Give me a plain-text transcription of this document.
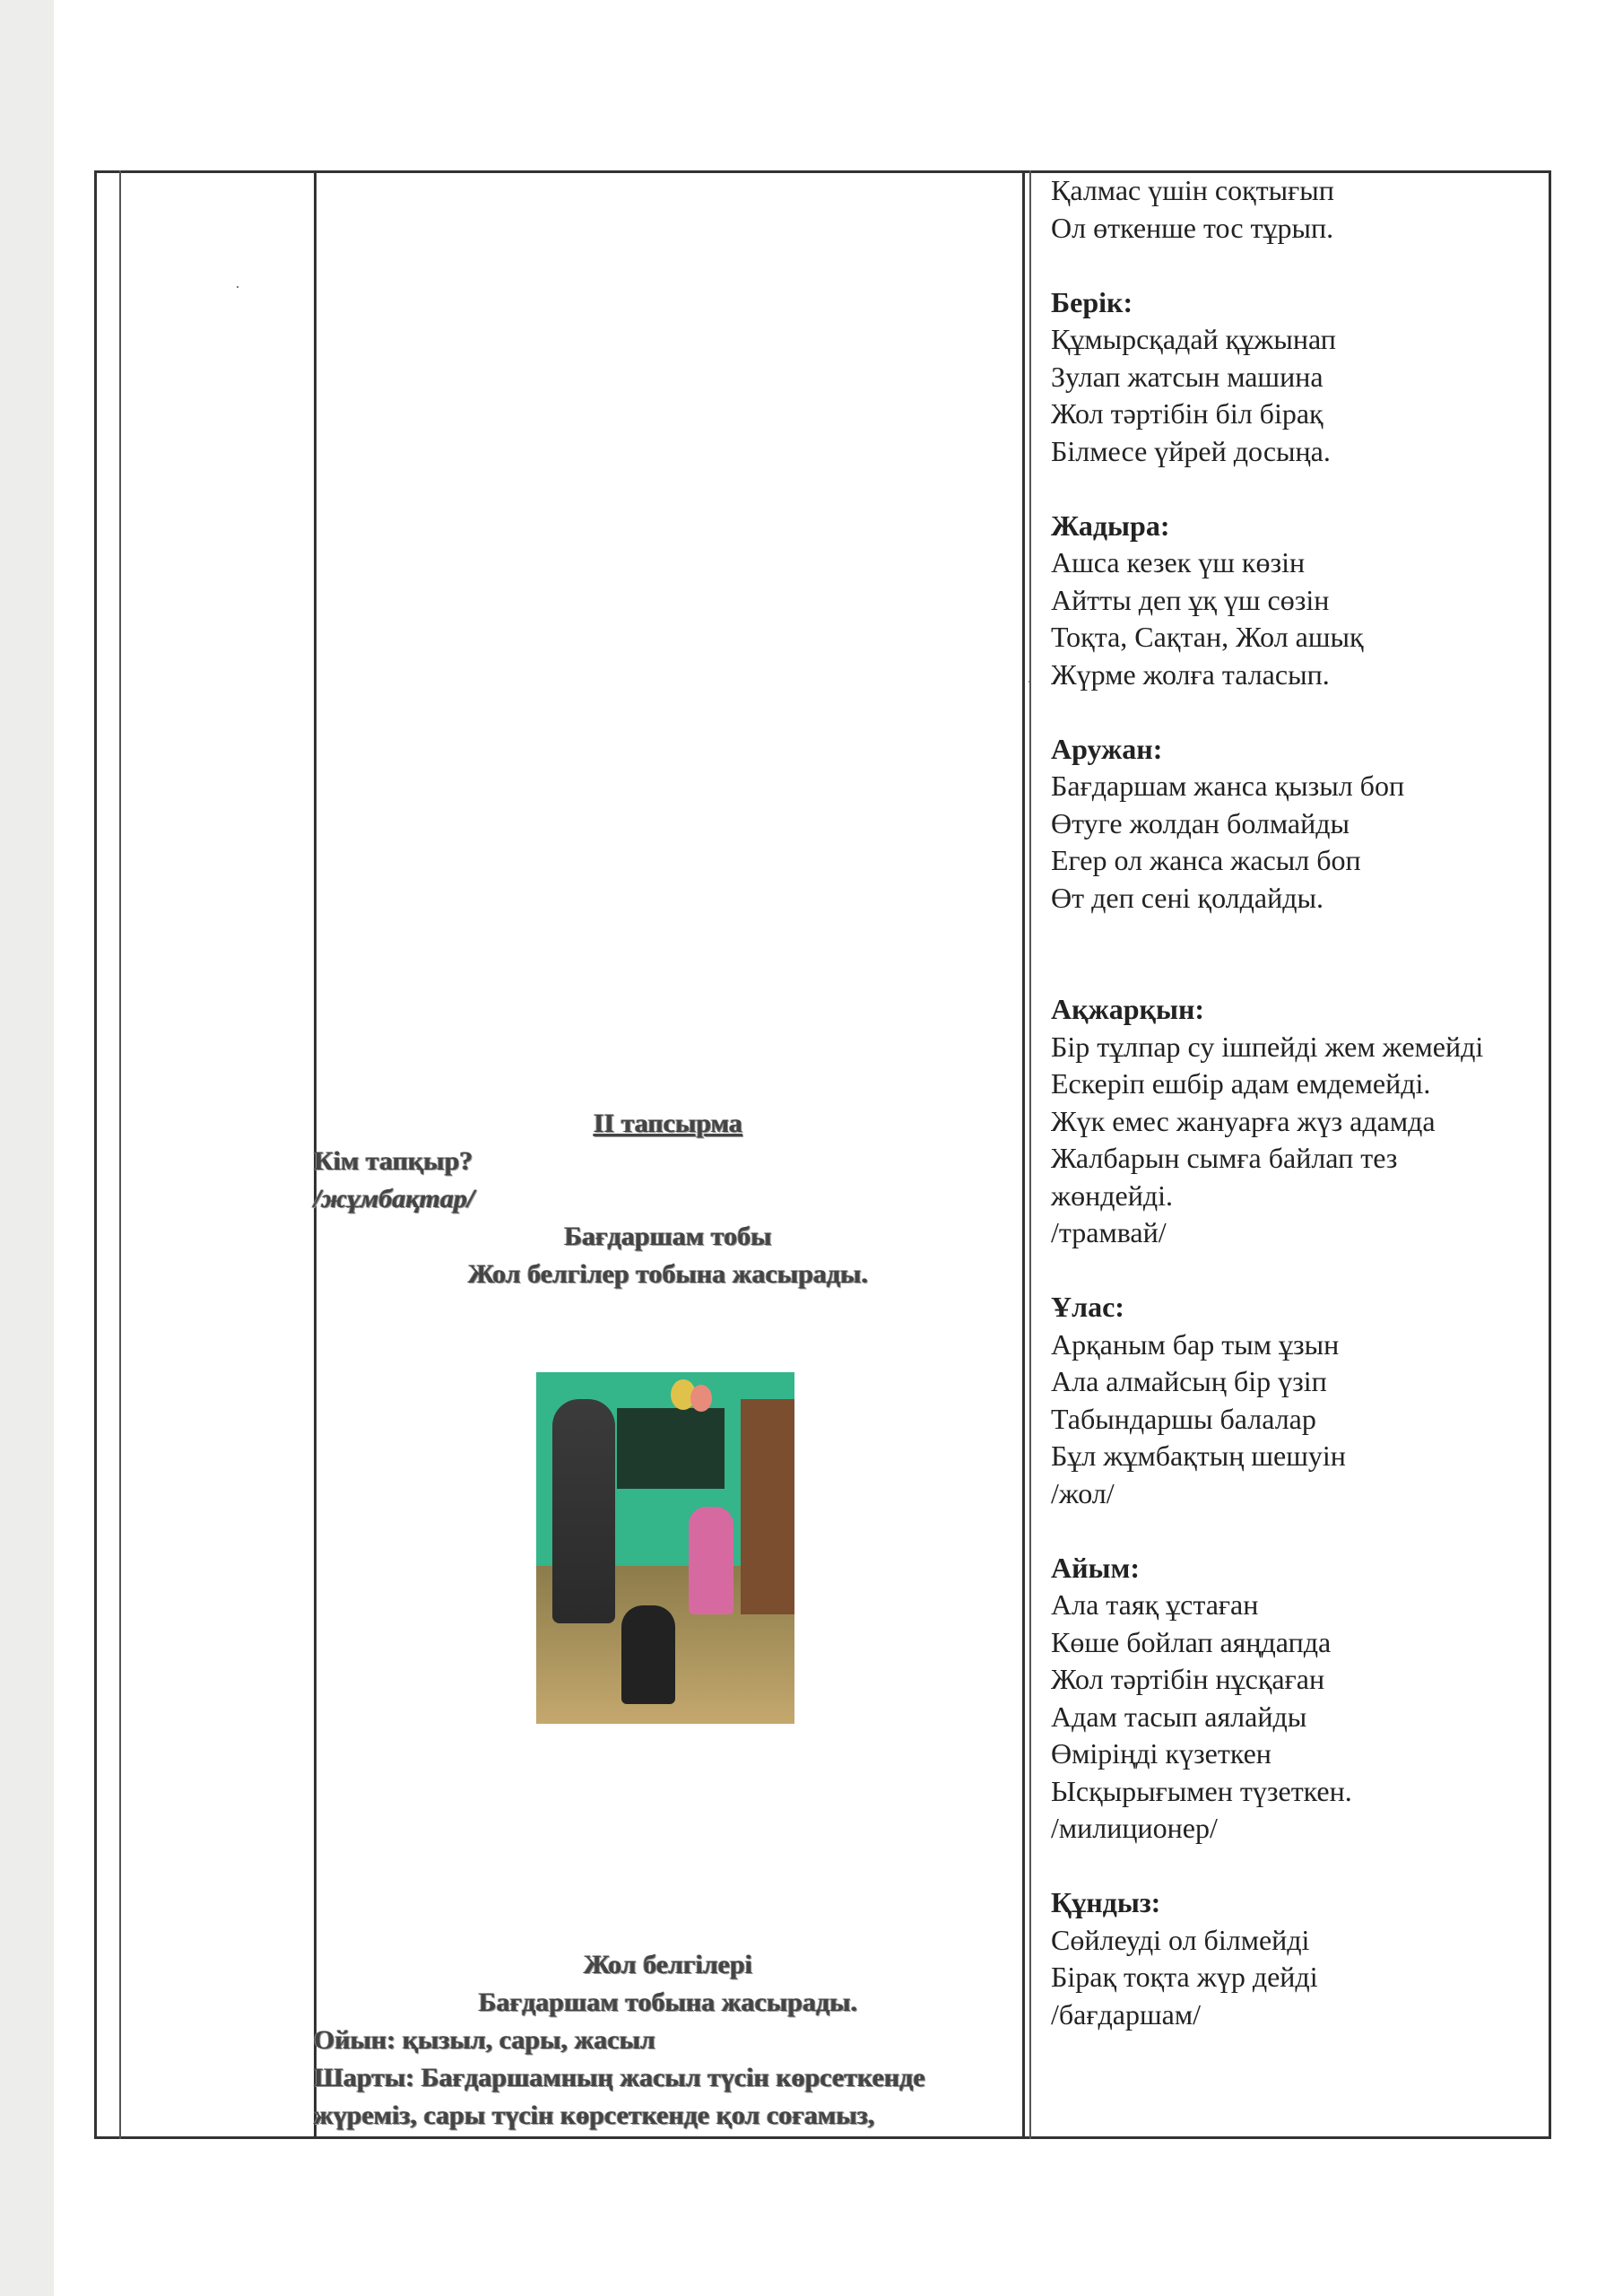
·
·
II тапсырма
Кім тапқыр?
/жұмбақтар/
Бағдаршам тобы
Жол белгілер тобына жасырады.
Жол белгілері
Бағдаршам тобына жасырады.
Ойын: қызыл, сары, жасыл
Шарты: Бағдаршамның жасыл түсін көрсеткенде
жүремiз, сары түсін көрсеткенде қол соғамыз,
Қалмас үшін соқтығып
Ол өткенше тос тұрып.
Берік:
Құмырсқадай құжынап
Зулап жатсын машина
Жол тәртібін біл бірақ
Білмесе үйрей досыңа.
Жадыра:
Ашса кезек үш көзін
Айтты деп ұқ үш сөзін
Тоқта, Сақтан, Жол ашық
Жүрме жолға таласып.
Аружан:
Бағдаршам жанса қызыл боп
Өтуге жолдан болмайды
Егер ол жанса жасыл боп
Өт деп сені қолдайды.
Ақжарқын:
Бір тұлпар су ішпейді жем жемейді
Ескеріп ешбір адам емдемейді.
Жүк емес жануарға жүз адамда
Жалбарын сымға байлап тез
жөндейді.
/трамвай/
Ұлас:
Арқаным бар тым ұзын
Ала алмайсың бір үзіп
Табындаршы балалар
Бұл жұмбақтың шешуін
/жол/
Айым:
Ала таяқ ұстаған
Көше бойлап аяңдапда
Жол тәртібін нұсқаған
Адам тасып аялайды
Өміріңді күзеткен
Ысқырығымен түзеткен.
/милиционер/
Құндыз:
Сөйлеуді ол білмейді
Бірақ тоқта жүр дейді
/бағдаршам/
